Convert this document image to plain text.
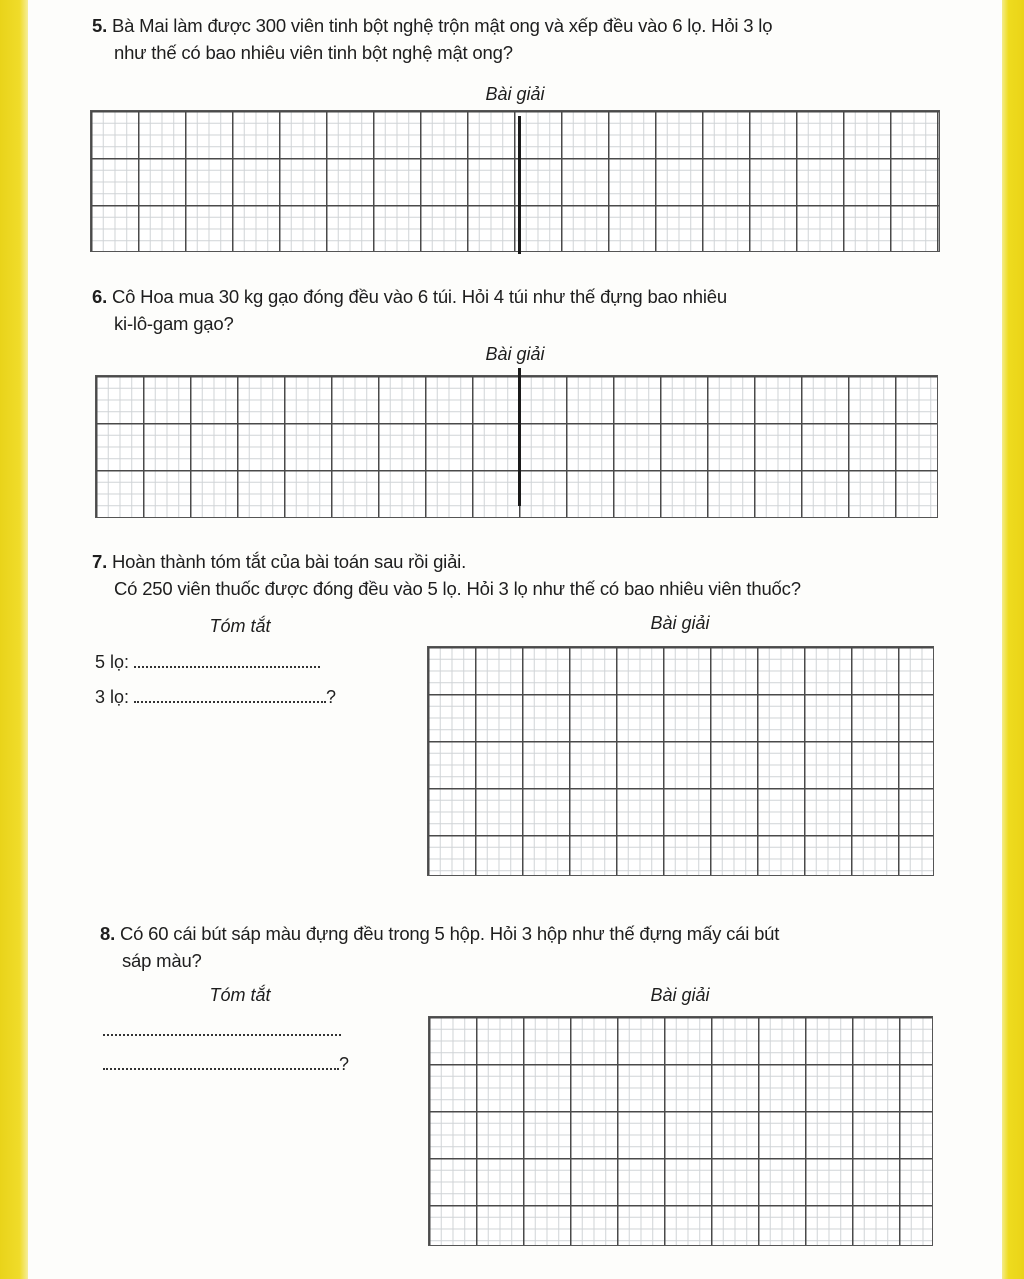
5. Bà Mai làm được 300 viên tinh bột nghệ trộn mật ong và xếp đều vào 6 lọ. Hỏi 3 lọ
như thế có bao nhiêu viên tinh bột nghệ mật ong?
Bài giải
6. Cô Hoa mua 30 kg gạo đóng đều vào 6 túi. Hỏi 4 túi như thế đựng bao nhiêu
ki-lô-gam gạo?
Bài giải
7. Hoàn thành tóm tắt của bài toán sau rồi giải.
Có 250 viên thuốc được đóng đều vào 5 lọ. Hỏi 3 lọ như thế có bao nhiêu viên thuốc?
Tóm tắt	Bài giải
5 lọ:
3 lọ:	?
8. Có 60 cái bút sáp màu đựng đều trong 5 hộp. Hỏi 3 hộp như thế đựng mấy cái bút
sáp màu?
Tóm tắt	Bài giải
?
